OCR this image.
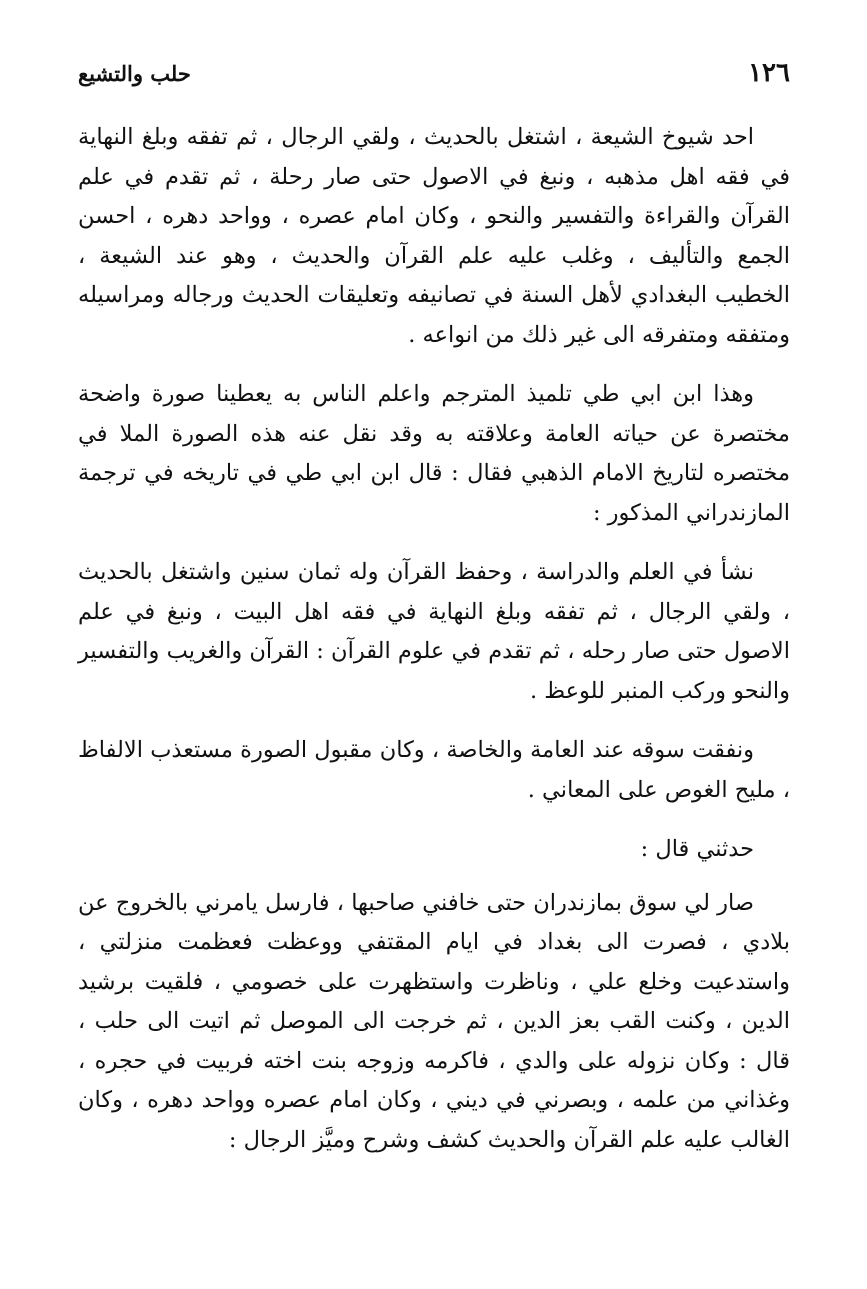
١٢٦
حلب والتشيع

احد شيوخ الشيعة ، اشتغل بالحديث ، ولقي الرجال ، ثم تفقه وبلغ النهاية في فقه اهل مذهبه ، ونبغ في الاصول حتى صار رحلة ، ثم تقدم في علم القرآن والقراءة والتفسير والنحو ، وكان امام عصره ، وواحد دهره ، احسن الجمع والتأليف ، وغلب عليه علم القرآن والحديث ، وهو عند الشيعة ، الخطيب البغدادي لأهل السنة في تصانيفه وتعليقات الحديث ورجاله ومراسيله ومتفقه ومتفرقه الى غير ذلك من انواعه .

وهذا ابن ابي طي تلميذ المترجم واعلم الناس به يعطينا صورة واضحة مختصرة عن حياته العامة وعلاقته به وقد نقل عنه هذه الصورة الملا في مختصره لتاريخ الامام الذهبي فقال : قال ابن ابي طي في تاريخه في ترجمة المازندراني المذكور :

نشأ في العلم والدراسة ، وحفظ القرآن وله ثمان سنين واشتغل بالحديث ، ولقي الرجال ، ثم تفقه وبلغ النهاية في فقه اهل البيت ، ونبغ في علم الاصول حتى صار رحله ، ثم تقدم في علوم القرآن : القرآن والغريب والتفسير والنحو وركب المنبر للوعظ .

ونفقت سوقه عند العامة والخاصة ، وكان مقبول الصورة مستعذب الالفاظ ، مليح الغوص على المعاني .

حدثني قال :

صار لي سوق بمازندران حتى خافني صاحبها ، فارسل يامرني بالخروج عن بلادي ، فصرت الى بغداد في ايام المقتفي ووعظت فعظمت منزلتي ، واستدعيت وخلع علي ، وناظرت واستظهرت على خصومي ، فلقيت برشيد الدين ، وكنت القب بعز الدين ، ثم خرجت الى الموصل ثم اتيت الى حلب ، قال : وكان نزوله على والدي ، فاكرمه وزوجه بنت اخته فربيت في حجره ، وغذاني من علمه ، وبصرني في ديني ، وكان امام عصره وواحد دهره ، وكان الغالب عليه علم القرآن والحديث كشف وشرح وميَّز الرجال :
